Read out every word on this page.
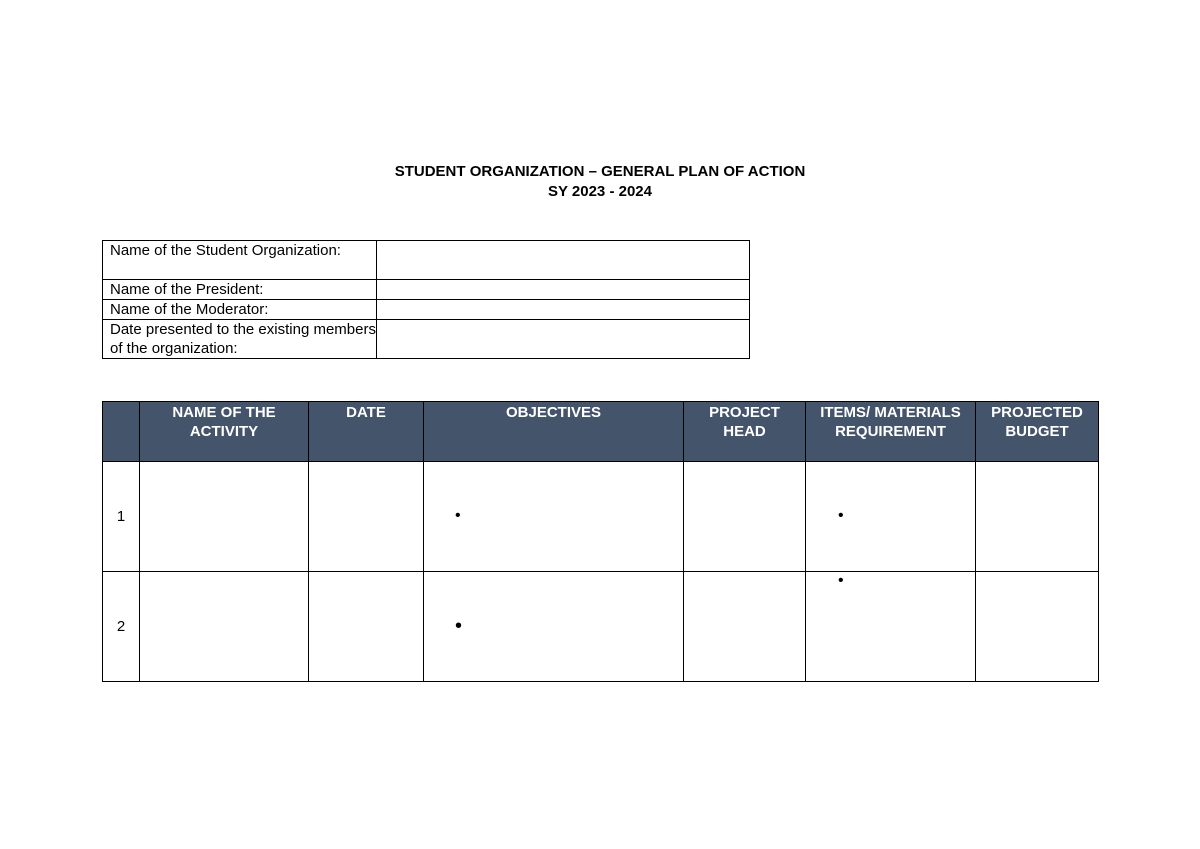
STUDENT ORGANIZATION – GENERAL PLAN OF ACTION
SY 2023 - 2024
Name of the Student Organization:	
Name of the President:	
Name of the Moderator:	
Date presented to the existing members of the organization:	
	NAME OF THE ACTIVITY	DATE	OBJECTIVES	PROJECT HEAD	ITEMS/ MATERIALS REQUIREMENT	PROJECTED BUDGET
1			•		•	

2			•		•	
